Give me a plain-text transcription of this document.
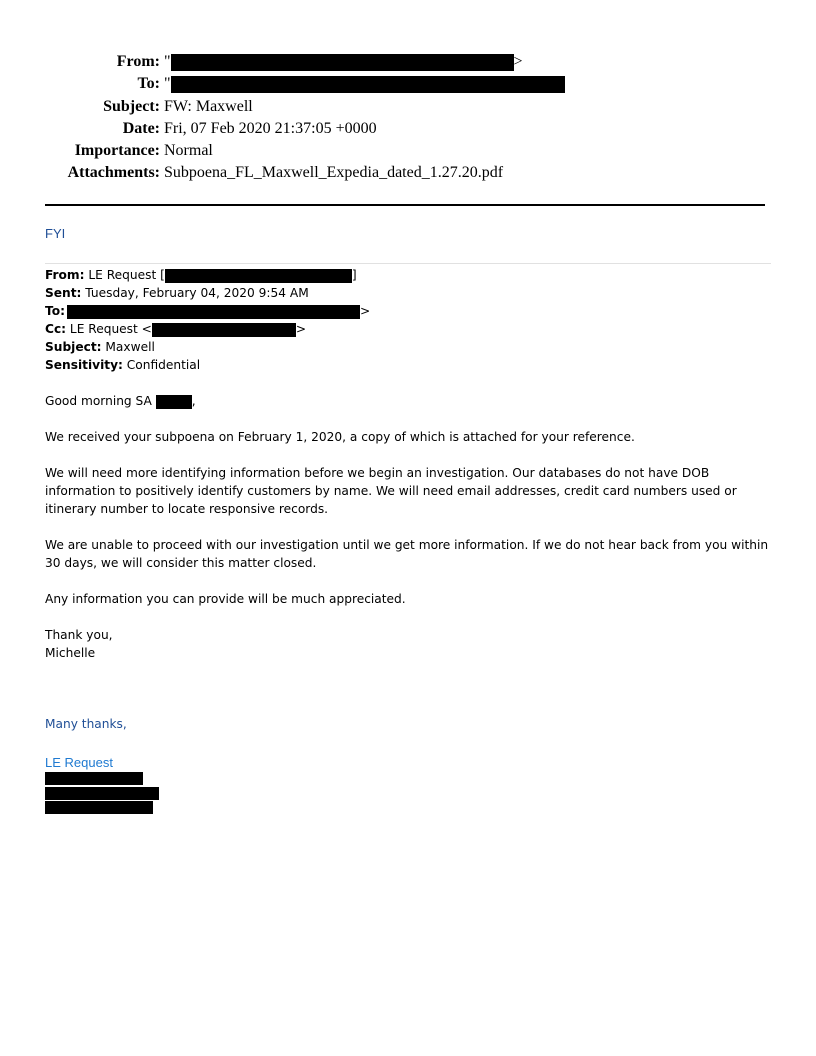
From: "	>
To: "
Subject: FW: Maxwell
Date: Fri, 07 Feb 2020 21:37:05 +0000
Importance: Normal
Attachments: Subpoena_FL_Maxwell_Expedia_dated_1.27.20.pdf
FYI
From: LE Request [	]
Sent: Tuesday, February 04, 2020 9:54 AM
To:	>
Cc: LE Request <	>
Subject: Maxwell
Sensitivity: Confidential

Good morning SA	,

We received your subpoena on February 1, 2020, a copy of which is attached for your reference.

We will need more identifying information before we begin an investigation. Our databases do not have DOB information to positively identify customers by name. We will need email addresses, credit card numbers used or itinerary number to locate responsive records.

We are unable to proceed with our investigation until we get more information. If we do not hear back from you within 30 days, we will consider this matter closed.

Any information you can provide will be much appreciated.

Thank you,
Michelle

Many thanks,
LE Request
